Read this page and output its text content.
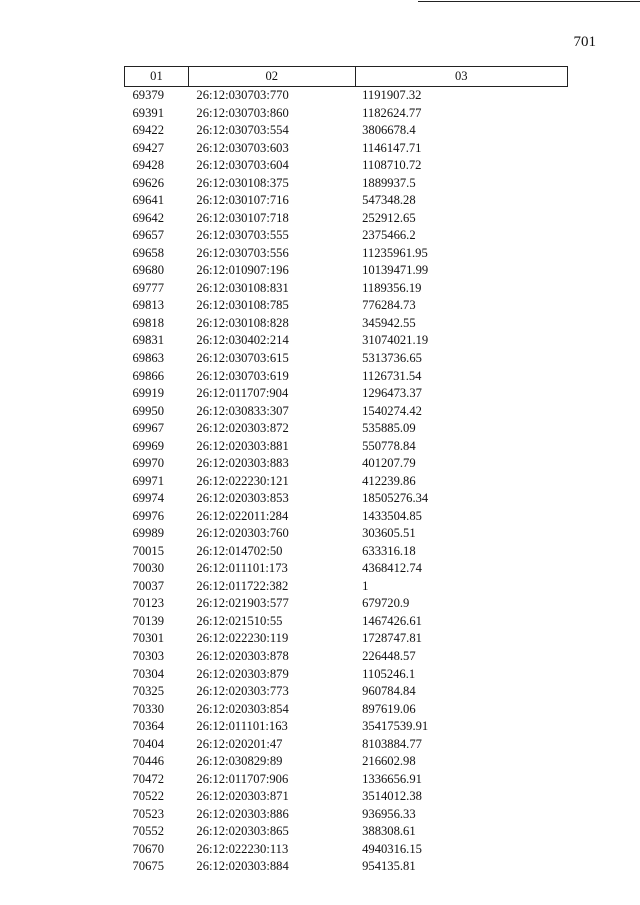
701
01	02	03
69379	26:12:030703:770	1191907.32
69391	26:12:030703:860	1182624.77
69422	26:12:030703:554	3806678.4
69427	26:12:030703:603	1146147.71
69428	26:12:030703:604	1108710.72
69626	26:12:030108:375	1889937.5
69641	26:12:030107:716	547348.28
69642	26:12:030107:718	252912.65
69657	26:12:030703:555	2375466.2
69658	26:12:030703:556	11235961.95
69680	26:12:010907:196	10139471.99
69777	26:12:030108:831	1189356.19
69813	26:12:030108:785	776284.73
69818	26:12:030108:828	345942.55
69831	26:12:030402:214	31074021.19
69863	26:12:030703:615	5313736.65
69866	26:12:030703:619	1126731.54
69919	26:12:011707:904	1296473.37
69950	26:12:030833:307	1540274.42
69967	26:12:020303:872	535885.09
69969	26:12:020303:881	550778.84
69970	26:12:020303:883	401207.79
69971	26:12:022230:121	412239.86
69974	26:12:020303:853	18505276.34
69976	26:12:022011:284	1433504.85
69989	26:12:020303:760	303605.51
70015	26:12:014702:50	633316.18
70030	26:12:011101:173	4368412.74
70037	26:12:011722:382	1
70123	26:12:021903:577	679720.9
70139	26:12:021510:55	1467426.61
70301	26:12:022230:119	1728747.81
70303	26:12:020303:878	226448.57
70304	26:12:020303:879	1105246.1
70325	26:12:020303:773	960784.84
70330	26:12:020303:854	897619.06
70364	26:12:011101:163	35417539.91
70404	26:12:020201:47	8103884.77
70446	26:12:030829:89	216602.98
70472	26:12:011707:906	1336656.91
70522	26:12:020303:871	3514012.38
70523	26:12:020303:886	936956.33
70552	26:12:020303:865	388308.61
70670	26:12:022230:113	4940316.15
70675	26:12:020303:884	954135.81
